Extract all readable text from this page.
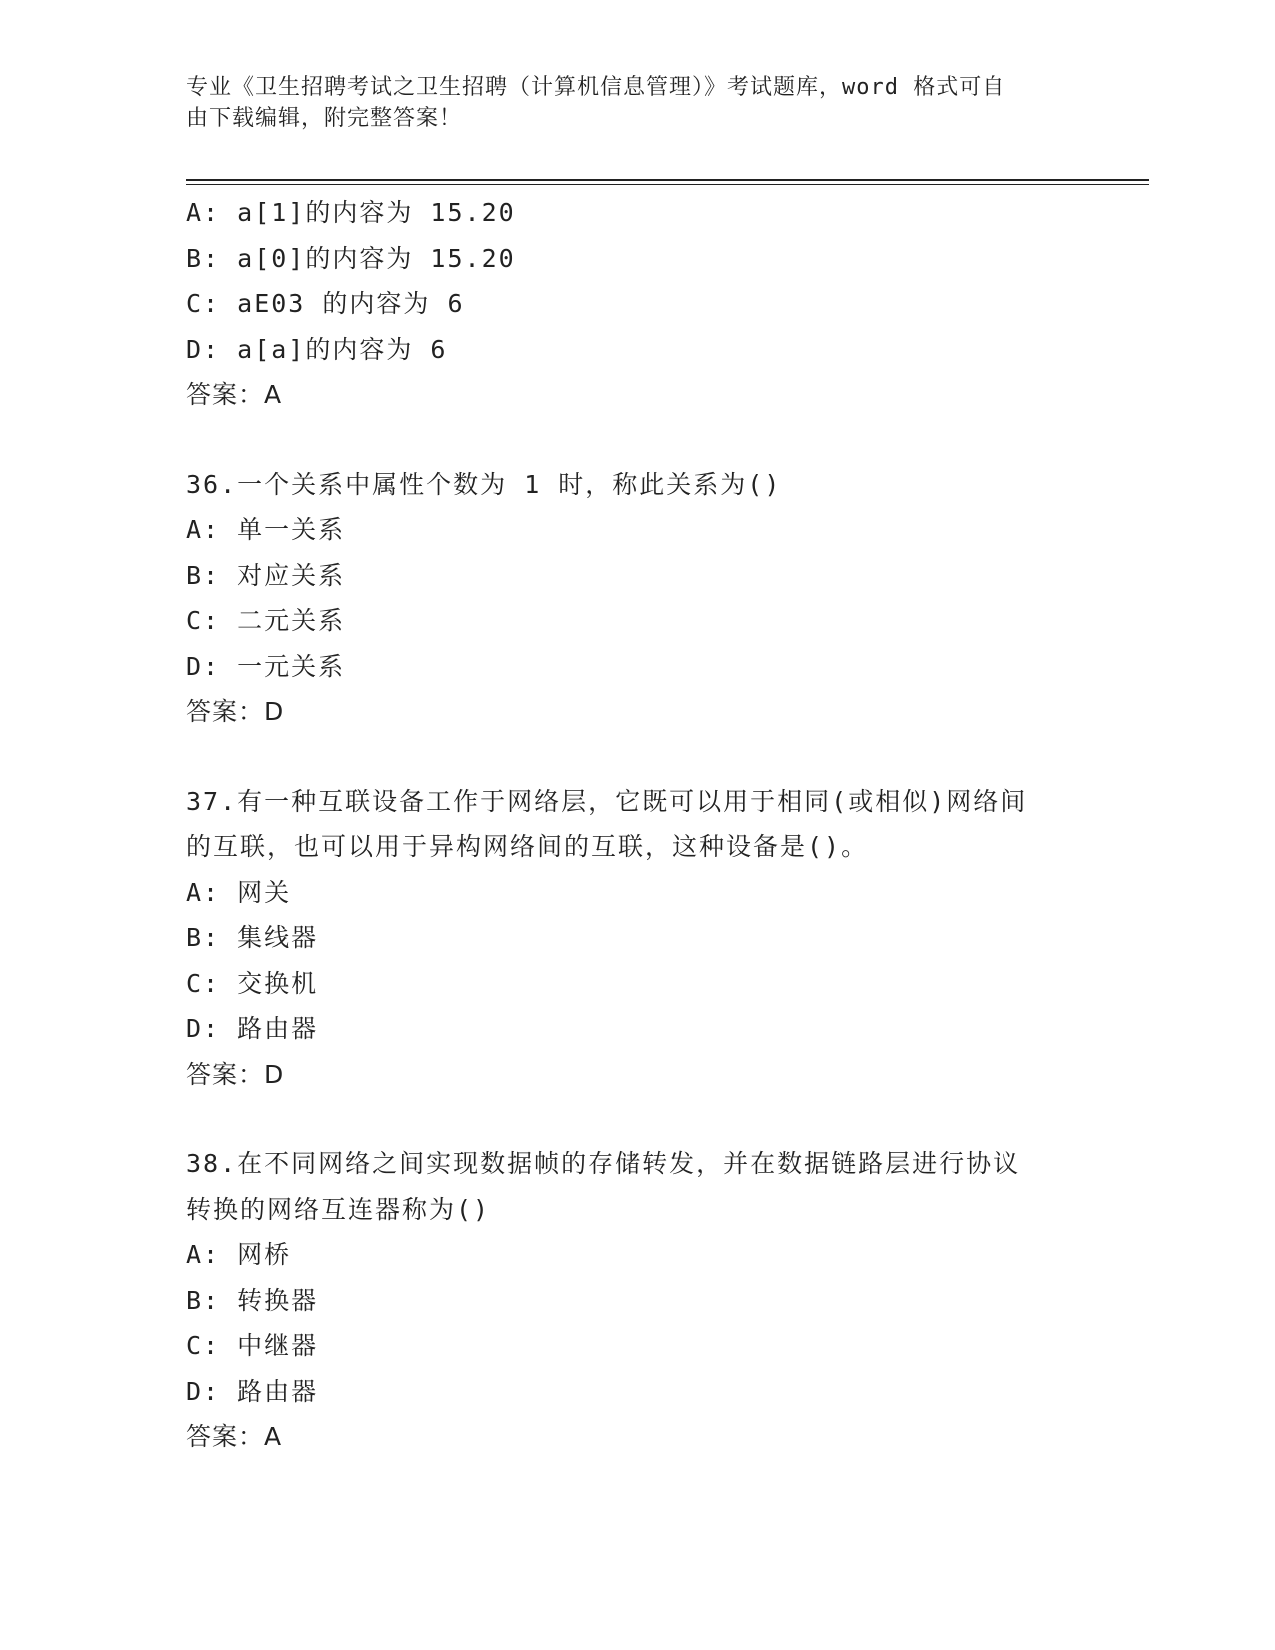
专业《卫生招聘考试之卫生招聘（计算机信息管理）》考试题库，word 格式可自
由下载编辑，附完整答案！
A: a[1]的内容为 15.20
B: a[0]的内容为 15.20
C: aE03 的内容为 6
D: a[a]的内容为 6
答案：A
36.一个关系中属性个数为 1 时，称此关系为()
A: 单一关系
B: 对应关系
C: 二元关系
D: 一元关系
答案：D
37.有一种互联设备工作于网络层，它既可以用于相同(或相似)网络间
的互联，也可以用于异构网络间的互联，这种设备是()。
A: 网关
B: 集线器
C: 交换机
D: 路由器
答案：D
38.在不同网络之间实现数据帧的存储转发，并在数据链路层进行协议
转换的网络互连器称为()
A: 网桥
B: 转换器
C: 中继器
D: 路由器
答案：A
